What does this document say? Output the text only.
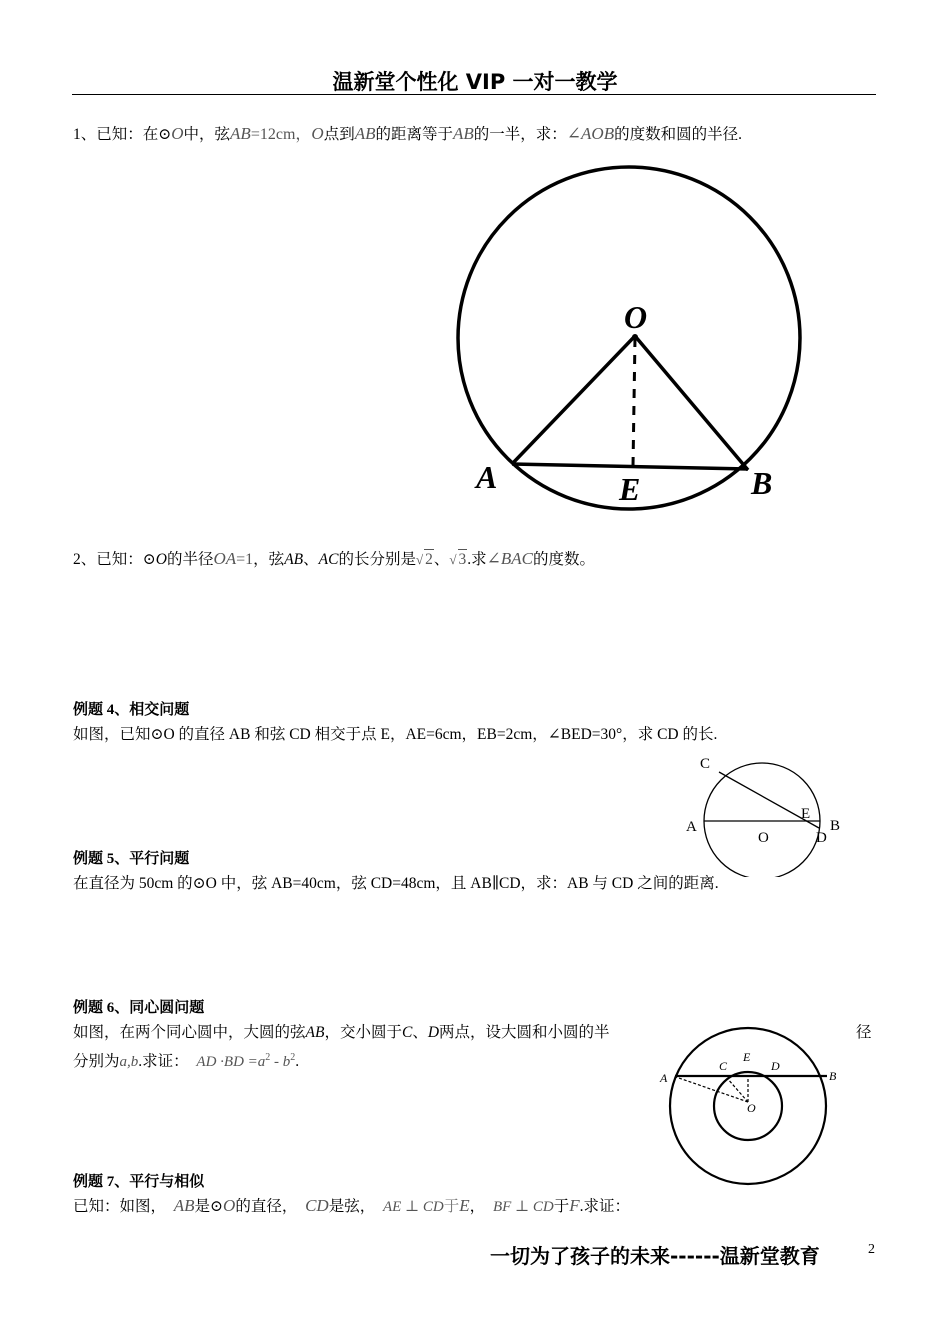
温新堂个性化 VIP 一对一教学
1、已知：在⊙O中，弦AB=12cm，O点到AB的距离等于AB的一半，求：∠AOB的度数和圆的半径.
O
A	B
E
2、已知：⊙O的半径OA=1，弦AB、AC的长分别是√ 2、√ 3.求∠BAC的度数。
例题 4、相交问题
如图，已知⊙O 的直径 AB 和弦 CD 相交于点 E，AE=6cm，EB=2cm，∠BED=30°，求 CD 的长.
C
A	B
E
O	D
例题 5、平行问题
在直径为 50cm 的⊙O 中，弦 AB=40cm，弦 CD=48cm，且 AB∥CD，求：AB 与 CD 之间的距离.
例题 6、同心圆问题
如图，在两个同心圆中，大圆的弦AB，交小圆于C、D两点，设大圆和小圆的半	径
分别为a,b.求证： AD $\cdot BD =a^2 - b^2$.
A
C
E
D
B
O
例题 7、平行与相似
已知：如图， AB是⊙O的直径， CD是弦， AE ⊥ CD于E， BF ⊥ CD于F.求证：
一切为了孩子的未来------温新堂教育	2
